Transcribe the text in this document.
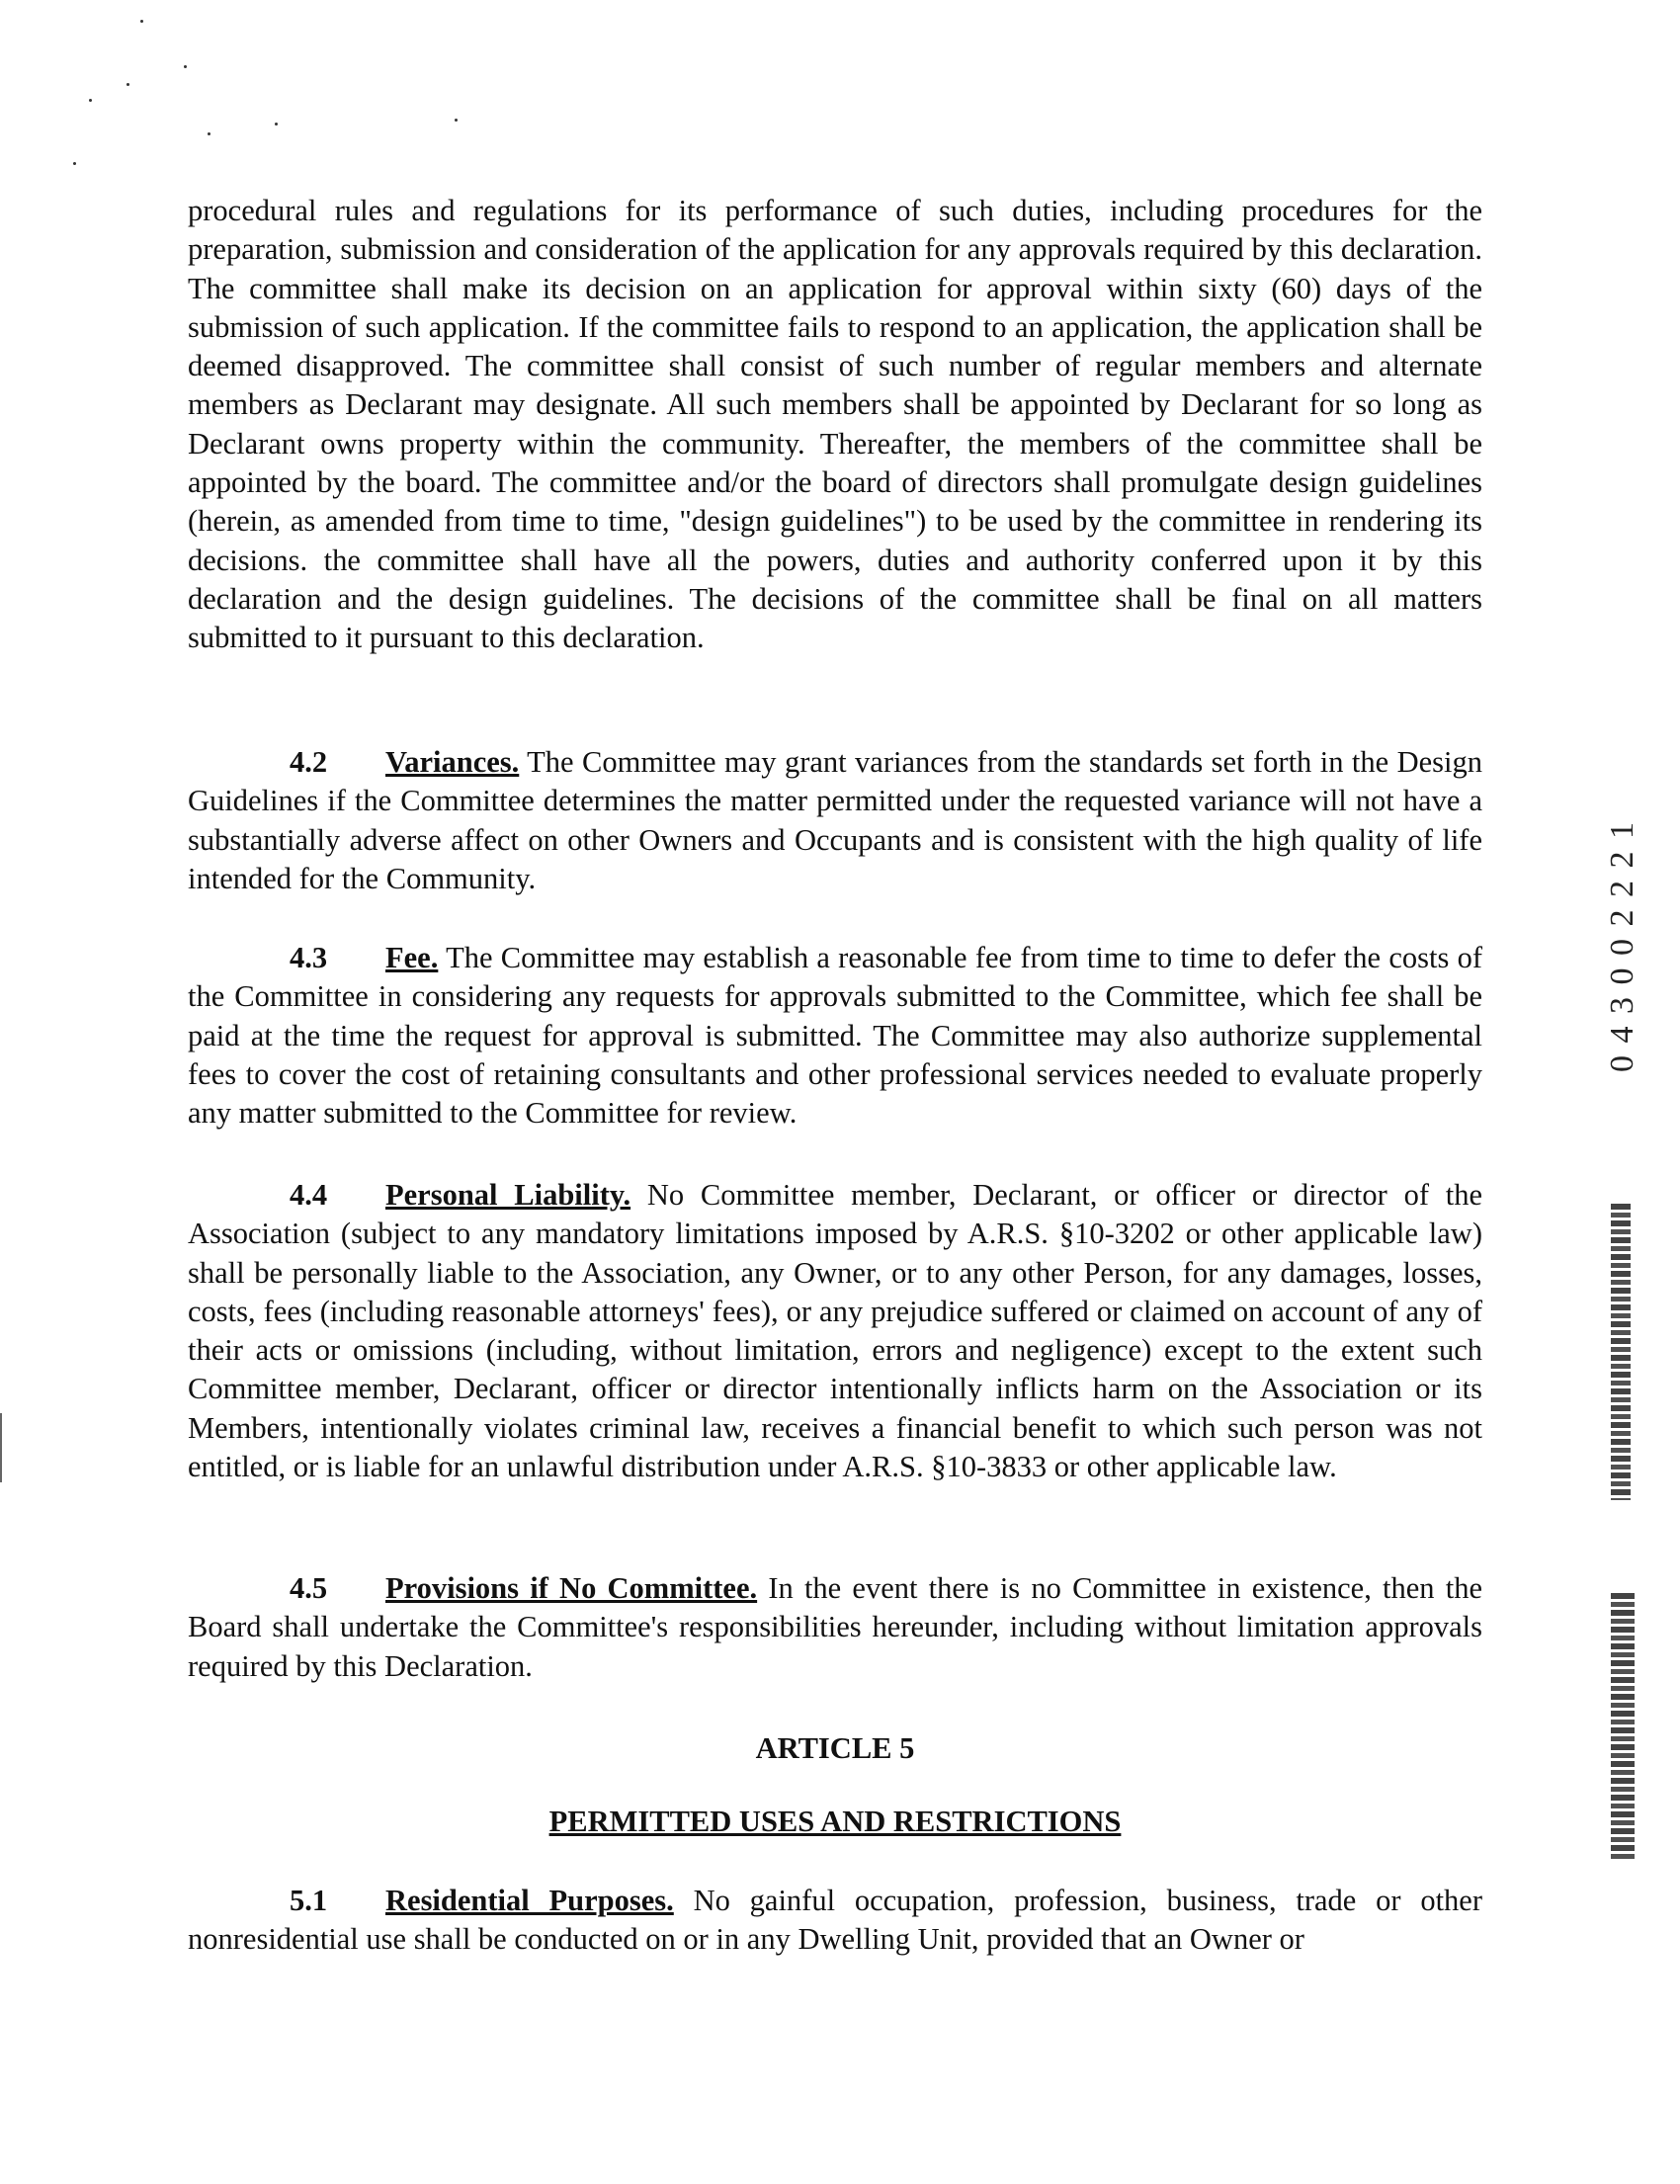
procedural rules and regulations for its performance of such duties, including procedures for the preparation, submission and consideration of the application for any approvals required by this declaration. The committee shall make its decision on an application for approval within sixty (60) days of the submission of such application. If the committee fails to respond to an application, the application shall be deemed disapproved. The committee shall consist of such number of regular members and alternate members as Declarant may designate. All such members shall be appointed by Declarant for so long as Declarant owns property within the community. Thereafter, the members of the committee shall be appointed by the board. The committee and/or the board of directors shall promulgate design guidelines (herein, as amended from time to time, "design guidelines") to be used by the committee in rendering its decisions. the committee shall have all the powers, duties and authority conferred upon it by this declaration and the design guidelines. The decisions of the committee shall be final on all matters submitted to it pursuant to this declaration.

4.2 Variances. The Committee may grant variances from the standards set forth in the Design Guidelines if the Committee determines the matter permitted under the requested variance will not have a substantially adverse affect on other Owners and Occupants and is consistent with the high quality of life intended for the Community.

4.3 Fee. The Committee may establish a reasonable fee from time to time to defer the costs of the Committee in considering any requests for approvals submitted to the Committee, which fee shall be paid at the time the request for approval is submitted. The Committee may also authorize supplemental fees to cover the cost of retaining consultants and other professional services needed to evaluate properly any matter submitted to the Committee for review.

4.4 Personal Liability. No Committee member, Declarant, or officer or director of the Association (subject to any mandatory limitations imposed by A.R.S. §10-3202 or other applicable law) shall be personally liable to the Association, any Owner, or to any other Person, for any damages, losses, costs, fees (including reasonable attorneys' fees), or any prejudice suffered or claimed on account of any of their acts or omissions (including, without limitation, errors and negligence) except to the extent such Committee member, Declarant, officer or director intentionally inflicts harm on the Association or its Members, intentionally violates criminal law, receives a financial benefit to which such person was not entitled, or is liable for an unlawful distribution under A.R.S. §10-3833 or other applicable law.

4.5 Provisions if No Committee. In the event there is no Committee in existence, then the Board shall undertake the Committee's responsibilities hereunder, including without limitation approvals required by this Declaration.

ARTICLE 5

PERMITTED USES AND RESTRICTIONS

5.1 Residential Purposes. No gainful occupation, profession, business, trade or other nonresidential use shall be conducted on or in any Dwelling Unit, provided that an Owner or

0 4 3 0 0 2 2 2 1
